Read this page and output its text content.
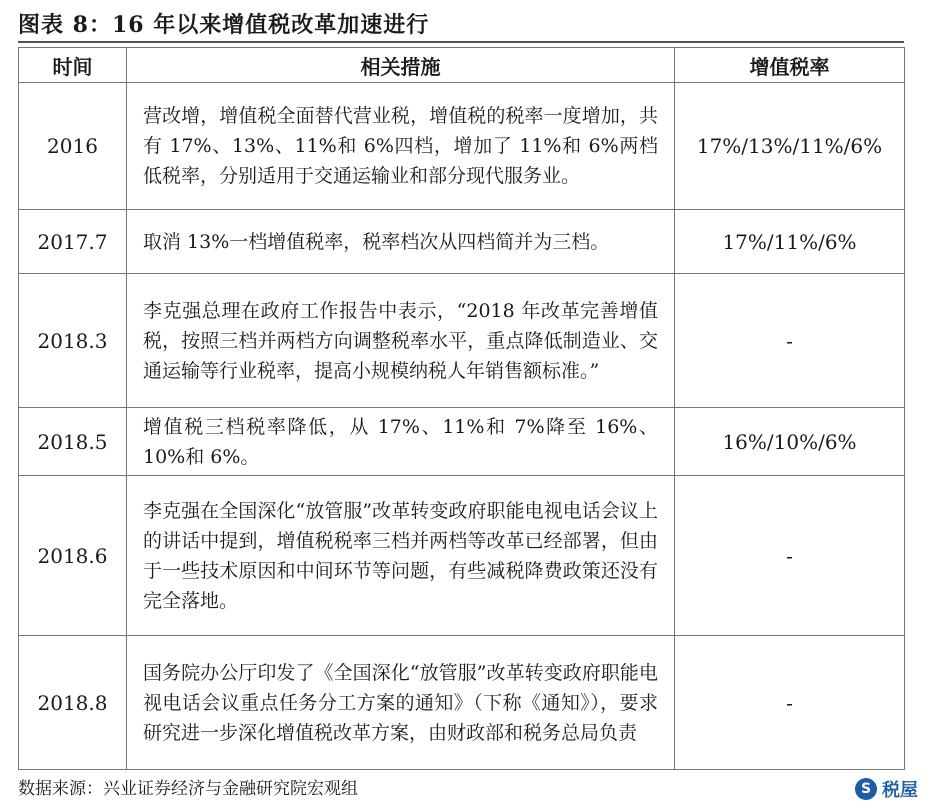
图表 8：16 年以来增值税改革加速进行
时间	相关措施	增值税率
2016	营改增，增值税全面替代营业税，增值税的税率一度增加，共有 17%、13%、11%和 6%四档，增加了 11%和 6%两档低税率，分别适用于交通运输业和部分现代服务业。	17%/13%/11%/6%
2017.7	取消 13%一档增值税率，税率档次从四档简并为三档。	17%/11%/6%
2018.3	李克强总理在政府工作报告中表示，“2018 年改革完善增值税，按照三档并两档方向调整税率水平，重点降低制造业、交通运输等行业税率，提高小规模纳税人年销售额标准。”	-
2018.5	增值税三档税率降低，从 17%、11%和 7%降至 16%、10%和 6%。	16%/10%/6%
2018.6	李克强在全国深化“放管服”改革转变政府职能电视电话会议上的讲话中提到，增值税税率三档并两档等改革已经部署，但由于一些技术原因和中间环节等问题，有些减税降费政策还没有完全落地。	-
2018.8	国务院办公厅印发了《全国深化“放管服”改革转变政府职能电视电话会议重点任务分工方案的通知》（下称《通知》），要求研究进一步深化增值税改革方案，由财政部和税务总局负责	-
数据来源：兴业证券经济与金融研究院宏观组	S 税屋
